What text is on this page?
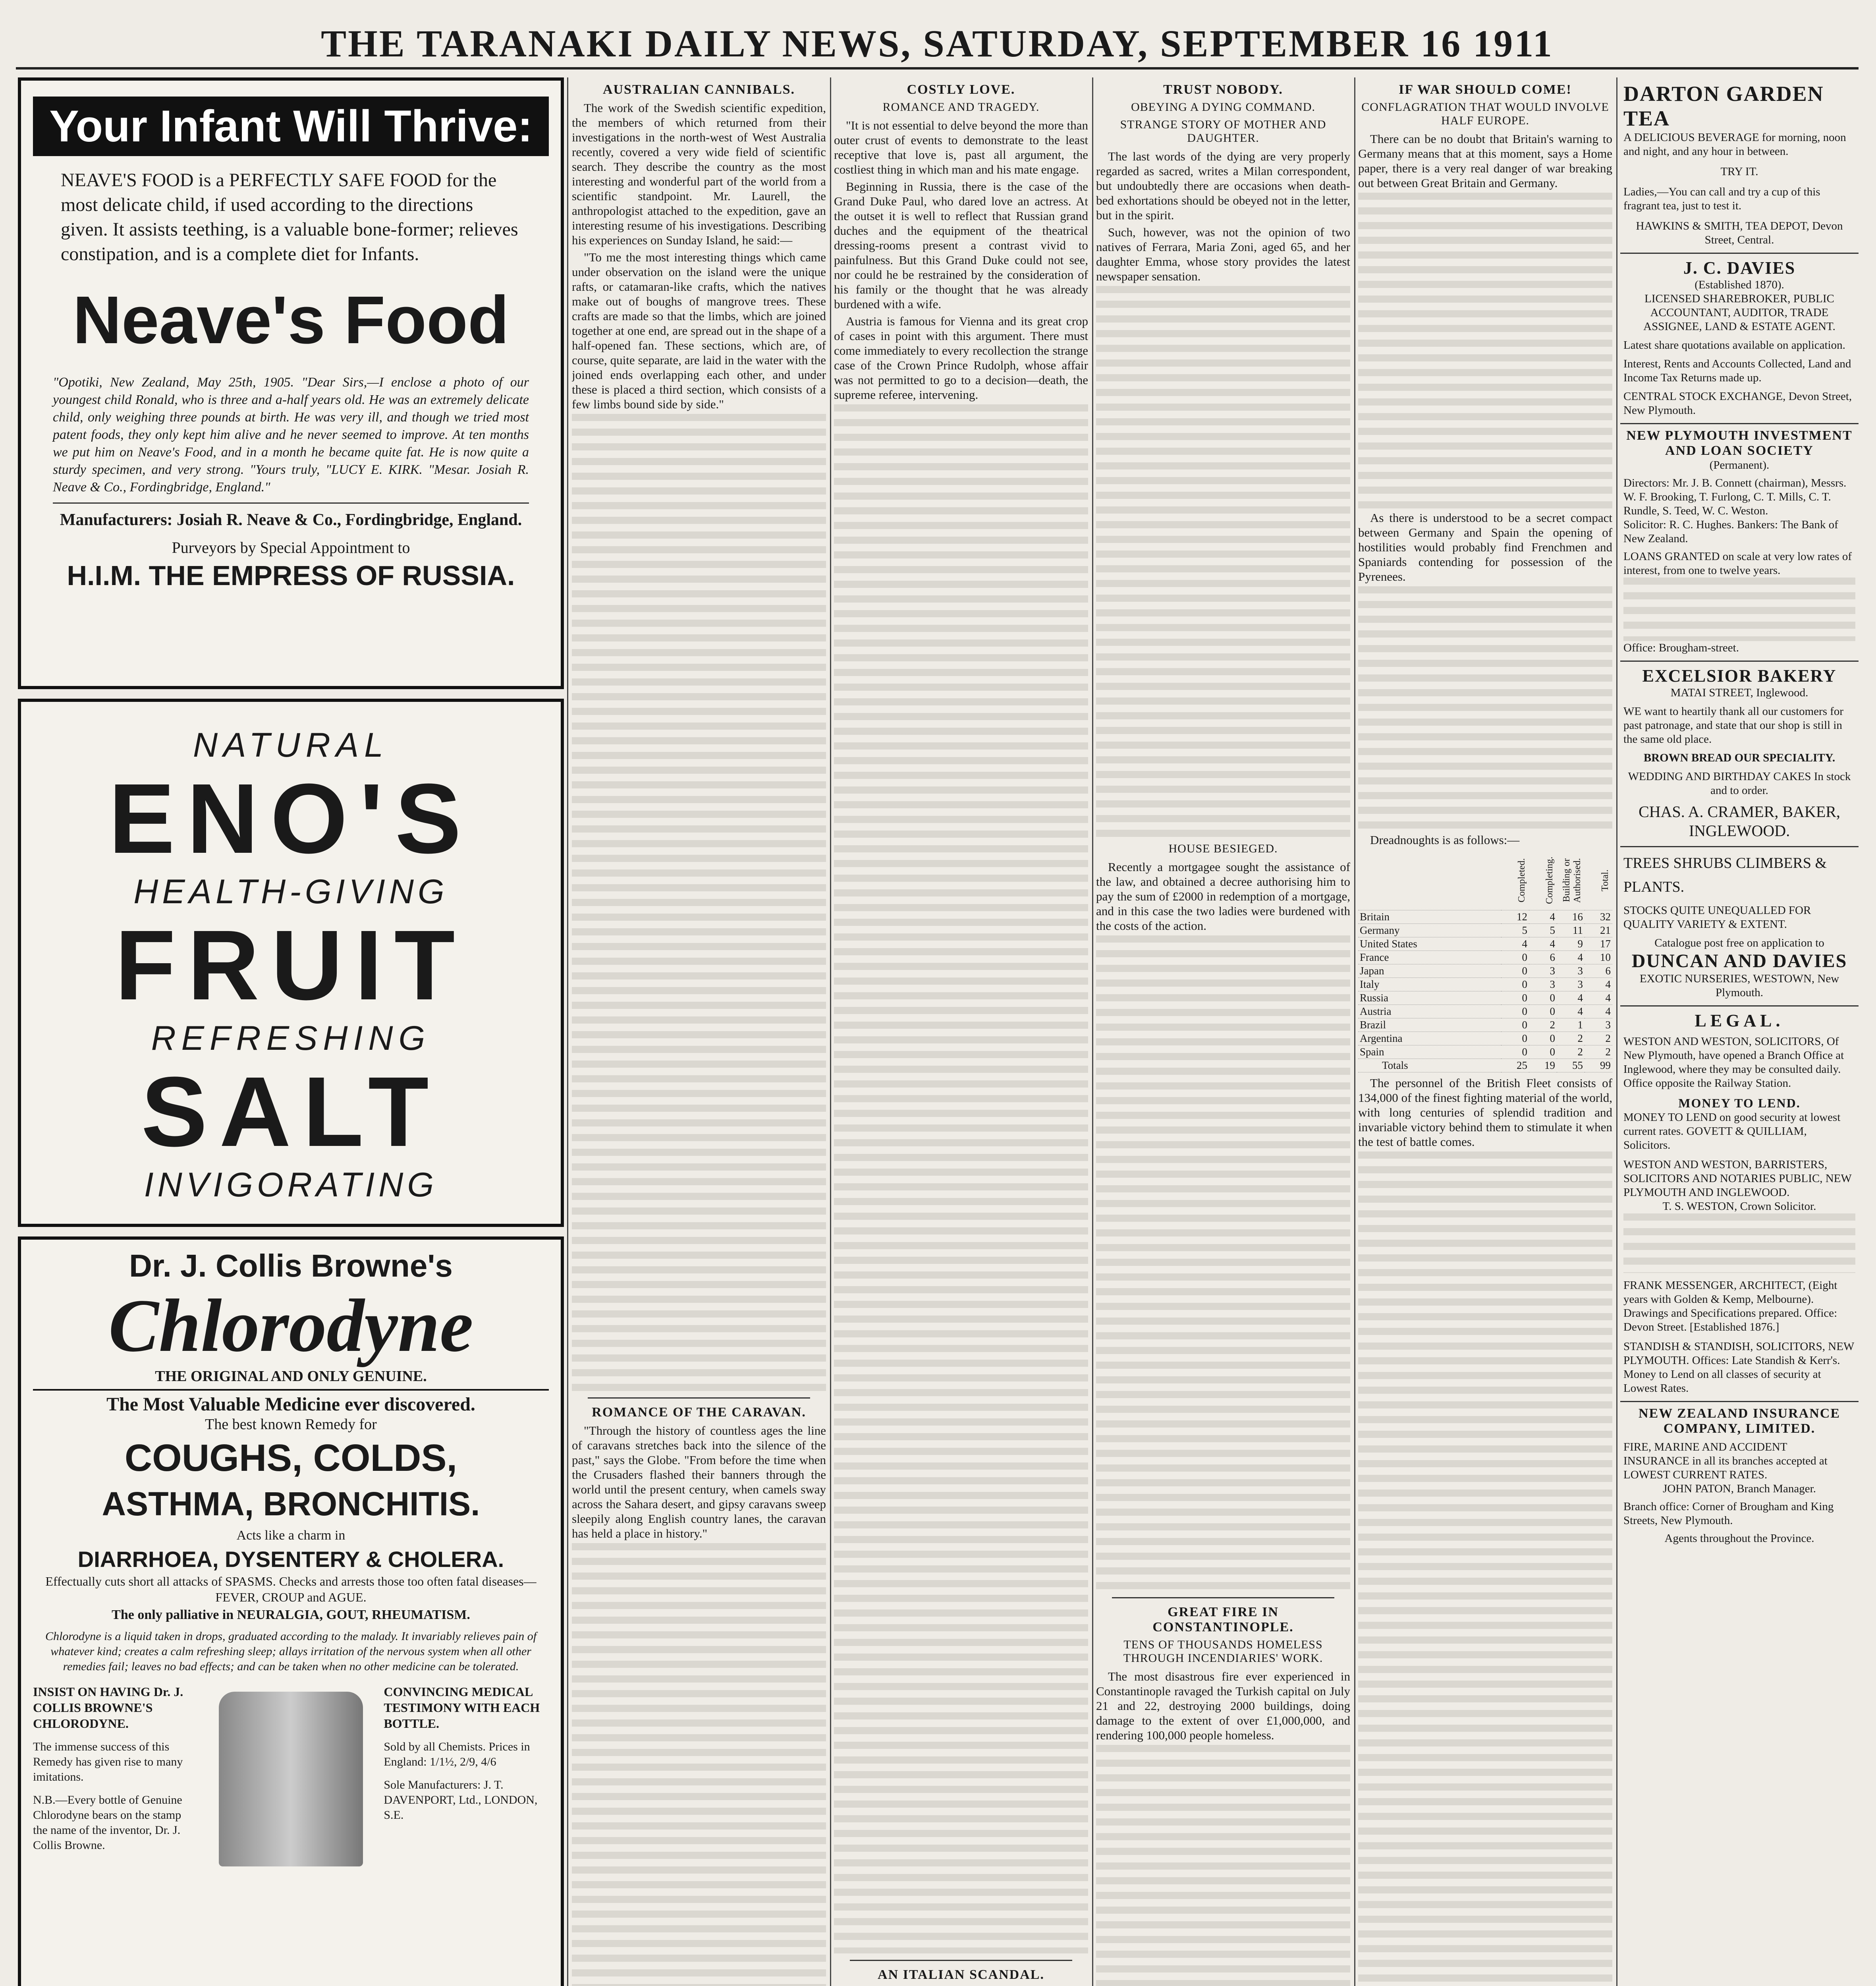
THE TARANAKI DAILY NEWS, SATURDAY, SEPTEMBER 16 1911
Your Infant Will Thrive:

NEAVE'S FOOD is a PERFECTLY SAFE FOOD for the most delicate child, if used according to the directions given. It assists teething, is a valuable bone-former; relieves constipation, and is a complete diet for Infants.

Neave's Food

"Opotiki, New Zealand, May 25th, 1905. "Dear Sirs,—I enclose a photo of our youngest child Ronald, who is three and a-half years old. He was an extremely delicate child, only weighing three pounds at birth. He was very ill, and though we tried most patent foods, they only kept him alive and he never seemed to improve. At ten months we put him on Neave's Food, and in a month he became quite fat. He is now quite a sturdy specimen, and very strong. "Yours truly, "LUCY E. KIRK. "Mesar. Josiah R. Neave & Co., Fordingbridge, England."

Manufacturers: Josiah R. Neave & Co., Fordingbridge, England.

Purveyors by Special Appointment to

H.I.M. THE EMPRESS OF RUSSIA.

NATURAL
ENO'S
HEALTH-GIVING
FRUIT
REFRESHING
SALT
INVIGORATING
Dr. J. Collis Browne's
Chlorodyne
THE ORIGINAL AND ONLY GENUINE.

The Most Valuable Medicine ever discovered.

The best known Remedy for

COUGHS, COLDS,

ASTHMA, BRONCHITIS.

Acts like a charm in

DIARRHOEA, DYSENTERY & CHOLERA.

Effectually cuts short all attacks of SPASMS. Checks and arrests those too often fatal diseases—FEVER, CROUP and AGUE.

The only palliative in NEURALGIA, GOUT, RHEUMATISM.

Chlorodyne is a liquid taken in drops, graduated according to the malady. It invariably relieves pain of whatever kind; creates a calm refreshing sleep; allays irritation of the nervous system when all other remedies fail; leaves no bad effects; and can be taken when no other medicine can be tolerated.

INSIST ON HAVING Dr. J. COLLIS BROWNE'S CHLORODYNE.

The immense success of this Remedy has given rise to many imitations.

N.B.—Every bottle of Genuine Chlorodyne bears on the stamp the name of the inventor, Dr. J. Collis Browne.

CONVINCING MEDICAL TESTIMONY WITH EACH BOTTLE.

Sold by all Chemists. Prices in England: 1/1½, 2/9, 4/6

Sole Manufacturers: J. T. DAVENPORT, Ltd., LONDON, S.E.

AUSTRALIAN CANNIBALS.

The work of the Swedish scientific expedition, the members of which returned from their investigations in the north-west of West Australia recently, covered a very wide field of scientific search. They describe the country as the most interesting and wonderful part of the world from a scientific standpoint. Mr. Laurell, the anthropologist attached to the expedition, gave an interesting resume of his investigations. Describing his experiences on Sunday Island, he said:—

"To me the most interesting things which came under observation on the island were the unique rafts, or catamaran-like crafts, which the natives make out of boughs of mangrove trees. These crafts are made so that the limbs, which are joined together at one end, are spread out in the shape of a half-opened fan. These sections, which are, of course, quite separate, are laid in the water with the joined ends overlapping each other, and under these is placed a third section, which consists of a few limbs bound side by side."

ROMANCE OF THE CARAVAN.

"Through the history of countless ages the line of caravans stretches back into the silence of the past," says the Globe. "From before the time when the Crusaders flashed their banners through the world until the present century, when camels sway across the Sahara desert, and gipsy caravans sweep sleepily along English country lanes, the caravan has held a place in history."

COSTLY LOVE.
ROMANCE AND TRAGEDY.

"It is not essential to delve beyond the more than outer crust of events to demonstrate to the least receptive that love is, past all argument, the costliest thing in which man and his mate engage.

Beginning in Russia, there is the case of the Grand Duke Paul, who dared love an actress. At the outset it is well to reflect that Russian grand duches and the equipment of the theatrical dressing-rooms present a contrast vivid to painfulness. But this Grand Duke could not see, nor could he be restrained by the consideration of his family or the thought that he was already burdened with a wife.

Austria is famous for Vienna and its great crop of cases in point with this argument. There must come immediately to every recollection the strange case of the Crown Prince Rudolph, whose affair was not permitted to go to a decision—death, the supreme referee, intervening.

AN ITALIAN SCANDAL.

TRUST NOBODY.
OBEYING A DYING COMMAND.
STRANGE STORY OF MOTHER AND DAUGHTER.

The last words of the dying are very properly regarded as sacred, writes a Milan correspondent, but undoubtedly there are occasions when death-bed exhortations should be obeyed not in the letter, but in the spirit.

Such, however, was not the opinion of two natives of Ferrara, Maria Zoni, aged 65, and her daughter Emma, whose story provides the latest newspaper sensation.

HOUSE BESIEGED.

Recently a mortgagee sought the assistance of the law, and obtained a decree authorising him to pay the sum of £2000 in redemption of a mortgage, and in this case the two ladies were burdened with the costs of the action.

GREAT FIRE IN CONSTANTINOPLE.
TENS OF THOUSANDS HOMELESS THROUGH INCENDIARIES' WORK.

The most disastrous fire ever experienced in Constantinople ravaged the Turkish capital on July 21 and 22, destroying 2000 buildings, doing damage to the extent of over £1,000,000, and rendering 100,000 people homeless.

IF WAR SHOULD COME!
CONFLAGRATION THAT WOULD INVOLVE HALF EUROPE.

There can be no doubt that Britain's warning to Germany means that at this moment, says a Home paper, there is a very real danger of war breaking out between Great Britain and Germany.

As there is understood to be a secret compact between Germany and Spain the opening of hostilities would probably find Frenchmen and Spaniards contending for possession of the Pyrenees.

Dreadnoughts is as follows:—

	Completed.	Completing.	Building or Authorised.	Total.
Britain	12	4	16	32
Germany	5	5	11	21
United States	4	4	9	17
France	0	6	4	10
Japan	0	3	3	6
Italy	0	3	3	4
Russia	0	0	4	4
Austria	0	0	4	4
Brazil	0	2	1	3
Argentina	0	0	2	2
Spain	0	0	2	2
Totals	25	19	55	99

The personnel of the British Fleet consists of 134,000 of the finest fighting material of the world, with long centuries of splendid tradition and invariable victory behind them to stimulate it when the test of battle comes.

DARTON GARDEN TEA

A DELICIOUS BEVERAGE for morning, noon and night, and any hour in between.

TRY IT.

Ladies,—You can call and try a cup of this fragrant tea, just to test it.

HAWKINS & SMITH, TEA DEPOT, Devon Street, Central.

J. C. DAVIES

(Established 1870).

LICENSED SHAREBROKER, PUBLIC ACCOUNTANT, AUDITOR, TRADE ASSIGNEE, LAND & ESTATE AGENT.

Latest share quotations available on application.

Interest, Rents and Accounts Collected, Land and Income Tax Returns made up.

CENTRAL STOCK EXCHANGE, Devon Street, New Plymouth.

NEW PLYMOUTH INVESTMENT AND LOAN SOCIETY

(Permanent).

Directors: Mr. J. B. Connett (chairman), Messrs. W. F. Brooking, T. Furlong, C. T. Mills, C. T. Rundle, S. Teed, W. C. Weston.

Solicitor: R. C. Hughes. Bankers: The Bank of New Zealand.

LOANS GRANTED on scale at very low rates of interest, from one to twelve years.

Office: Brougham-street.

EXCELSIOR BAKERY

MATAI STREET, Inglewood.

WE want to heartily thank all our customers for past patronage, and state that our shop is still in the same old place.

BROWN BREAD OUR SPECIALITY.

WEDDING AND BIRTHDAY CAKES In stock and to order.

CHAS. A. CRAMER, BAKER, INGLEWOOD.

TREES SHRUBS CLIMBERS & PLANTS.

STOCKS QUITE UNEQUALLED FOR QUALITY VARIETY & EXTENT.

Catalogue post free on application to

DUNCAN AND DAVIES

EXOTIC NURSERIES, WESTOWN, New Plymouth.

LEGAL.

WESTON AND WESTON, SOLICITORS, Of New Plymouth, have opened a Branch Office at Inglewood, where they may be consulted daily. Office opposite the Railway Station.

MONEY TO LEND.

MONEY TO LEND on good security at lowest current rates. GOVETT & QUILLIAM, Solicitors.

WESTON AND WESTON, BARRISTERS, SOLICITORS AND NOTARIES PUBLIC, NEW PLYMOUTH AND INGLEWOOD.

T. S. WESTON, Crown Solicitor.

FRANK MESSENGER, ARCHITECT, (Eight years with Golden & Kemp, Melbourne). Drawings and Specifications prepared. Office: Devon Street. [Established 1876.]

STANDISH & STANDISH, SOLICITORS, NEW PLYMOUTH. Offices: Late Standish & Kerr's. Money to Lend on all classes of security at Lowest Rates.

NEW ZEALAND INSURANCE COMPANY, LIMITED.

FIRE, MARINE AND ACCIDENT INSURANCE in all its branches accepted at LOWEST CURRENT RATES.

JOHN PATON, Branch Manager.

Branch office: Corner of Brougham and King Streets, New Plymouth.

Agents throughout the Province.
